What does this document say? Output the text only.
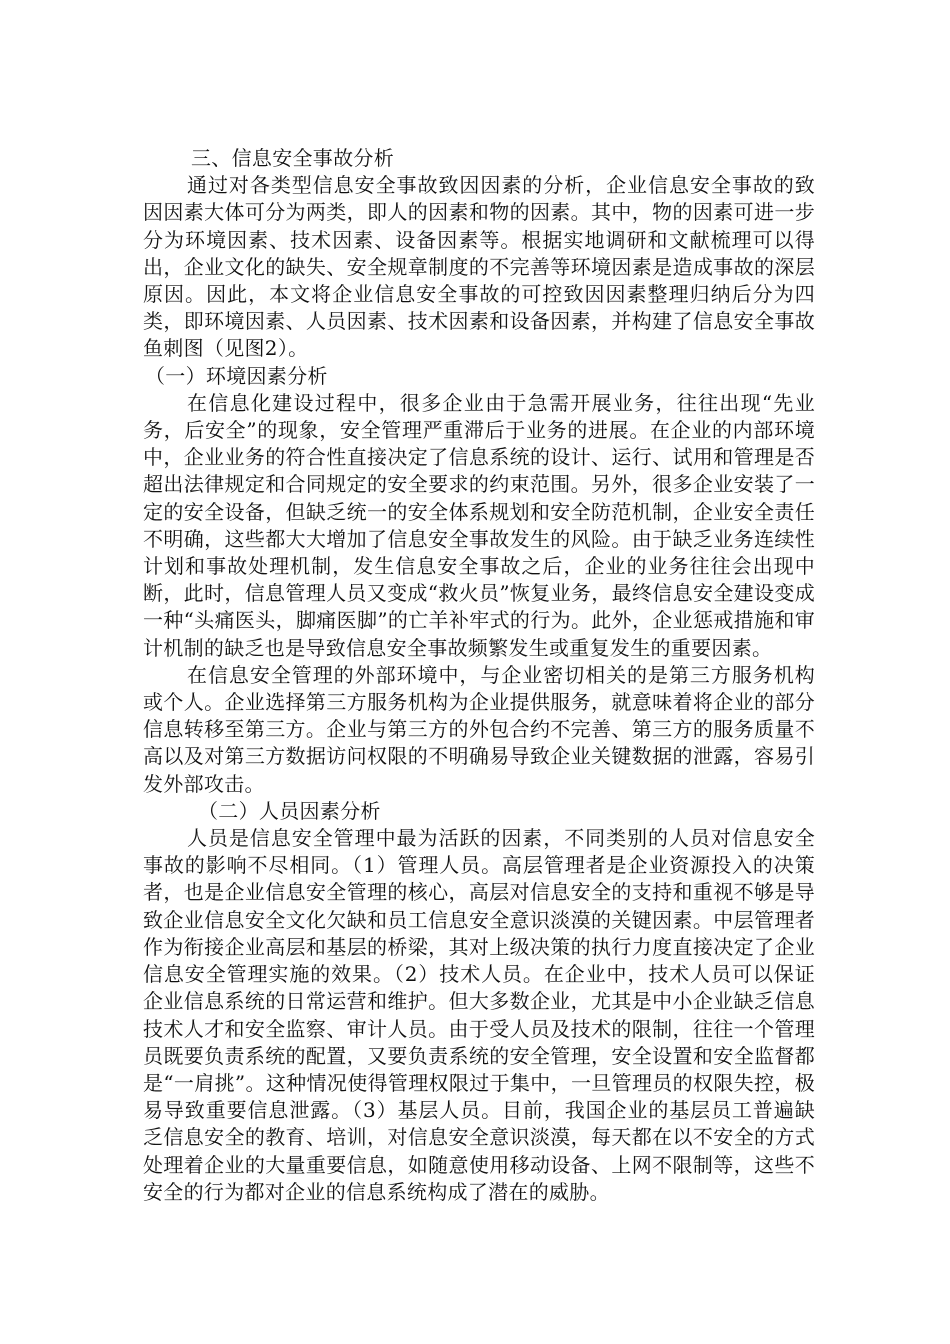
三、信息安全事故分析

通过对各类型信息安全事故致因因素的分析，企业信息安全事故的致因因素大体可分为两类，即人的因素和物的因素。其中，物的因素可进一步分为环境因素、技术因素、设备因素等。根据实地调研和文献梳理可以得出，企业文化的缺失、安全规章制度的不完善等环境因素是造成事故的深层原因。因此，本文将企业信息安全事故的可控致因因素整理归纳后分为四类，即环境因素、人员因素、技术因素和设备因素，并构建了信息安全事故鱼刺图（见图2）。

（一）环境因素分析

在信息化建设过程中，很多企业由于急需开展业务，往往出现“先业务，后安全”的现象，安全管理严重滞后于业务的进展。在企业的内部环境中，企业业务的符合性直接决定了信息系统的设计、运行、试用和管理是否超出法律规定和合同规定的安全要求的约束范围。另外，很多企业安装了一定的安全设备，但缺乏统一的安全体系规划和安全防范机制，企业安全责任不明确，这些都大大增加了信息安全事故发生的风险。由于缺乏业务连续性计划和事故处理机制，发生信息安全事故之后，企业的业务往往会出现中断，此时，信息管理人员又变成“救火员”恢复业务，最终信息安全建设变成一种“头痛医头，脚痛医脚”的亡羊补牢式的行为。此外，企业惩戒措施和审计机制的缺乏也是导致信息安全事故频繁发生或重复发生的重要因素。

在信息安全管理的外部环境中，与企业密切相关的是第三方服务机构或个人。企业选择第三方服务机构为企业提供服务，就意味着将企业的部分信息转移至第三方。企业与第三方的外包合约不完善、第三方的服务质量不高以及对第三方数据访问权限的不明确易导致企业关键数据的泄露，容易引发外部攻击。

（二）人员因素分析

人员是信息安全管理中最为活跃的因素，不同类别的人员对信息安全事故的影响不尽相同。（1）管理人员。高层管理者是企业资源投入的决策者，也是企业信息安全管理的核心，高层对信息安全的支持和重视不够是导致企业信息安全文化欠缺和员工信息安全意识淡漠的关键因素。中层管理者作为衔接企业高层和基层的桥梁，其对上级决策的执行力度直接决定了企业信息安全管理实施的效果。（2）技术人员。在企业中，技术人员可以保证企业信息系统的日常运营和维护。但大多数企业，尤其是中小企业缺乏信息技术人才和安全监察、审计人员。由于受人员及技术的限制，往往一个管理员既要负责系统的配置，又要负责系统的安全管理，安全设置和安全监督都是“一肩挑”。这种情况使得管理权限过于集中，一旦管理员的权限失控，极易导致重要信息泄露。（3）基层人员。目前，我国企业的基层员工普遍缺乏信息安全的教育、培训，对信息安全意识淡漠，每天都在以不安全的方式处理着企业的大量重要信息，如随意使用移动设备、上网不限制等，这些不安全的行为都对企业的信息系统构成了潜在的威胁。
